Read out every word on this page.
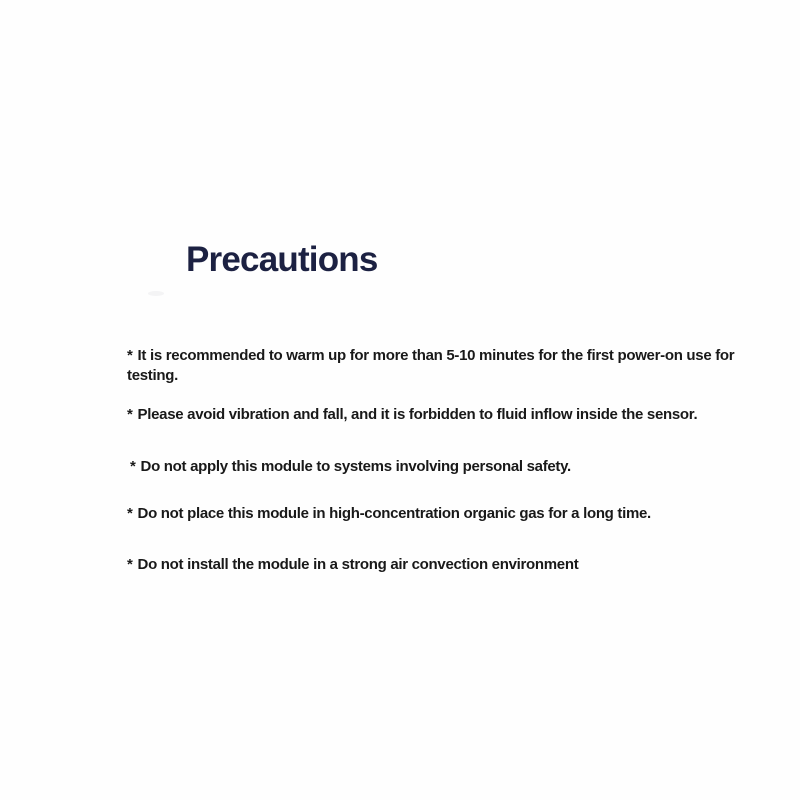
Precautions

* It is recommended to warm up for more than 5-10 minutes for the first power-on use for testing.

* Please avoid vibration and fall, and it is forbidden to fluid inflow inside the sensor.

* Do not apply this module to systems involving personal safety.

* Do not place this module in high-concentration organic gas for a long time.

* Do not install the module in a strong air convection environment
